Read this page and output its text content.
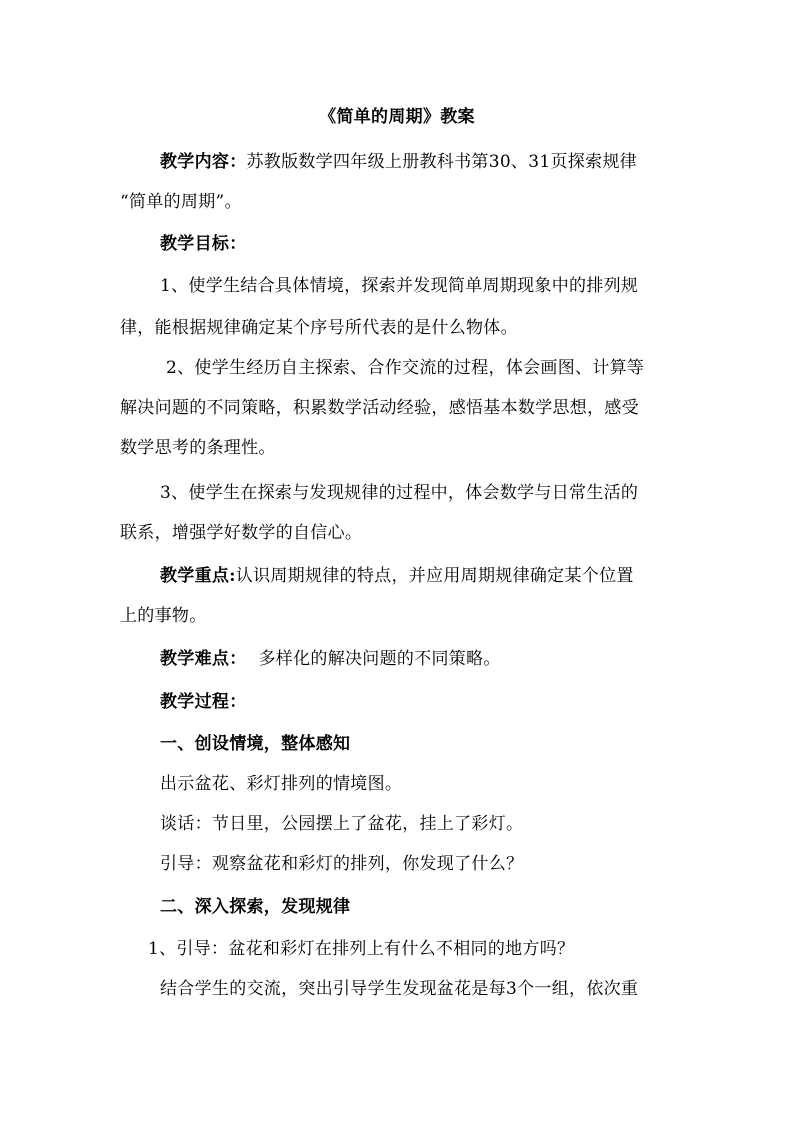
《简单的周期》教案
教学内容：苏教版数学四年级上册教科书第30、31页探索规律
“简单的周期”。
教学目标：
1、使学生结合具体情境，探索并发现简单周期现象中的排列规
律，能根据规律确定某个序号所代表的是什么物体。
2、使学生经历自主探索、合作交流的过程，体会画图、计算等
解决问题的不同策略，积累数学活动经验，感悟基本数学思想，感受
数学思考的条理性。
3、使学生在探索与发现规律的过程中，体会数学与日常生活的
联系，增强学好数学的自信心。
教学重点:认识周期规律的特点，并应用周期规律确定某个位置
上的事物。
教学难点： 多样化的解决问题的不同策略。
教学过程：
一、创设情境，整体感知
出示盆花、彩灯排列的情境图。
谈话：节日里，公园摆上了盆花，挂上了彩灯。
引导：观察盆花和彩灯的排列，你发现了什么？
二、深入探索，发现规律
1、引导：盆花和彩灯在排列上有什么不相同的地方吗？
结合学生的交流，突出引导学生发现盆花是每3个一组，依次重
